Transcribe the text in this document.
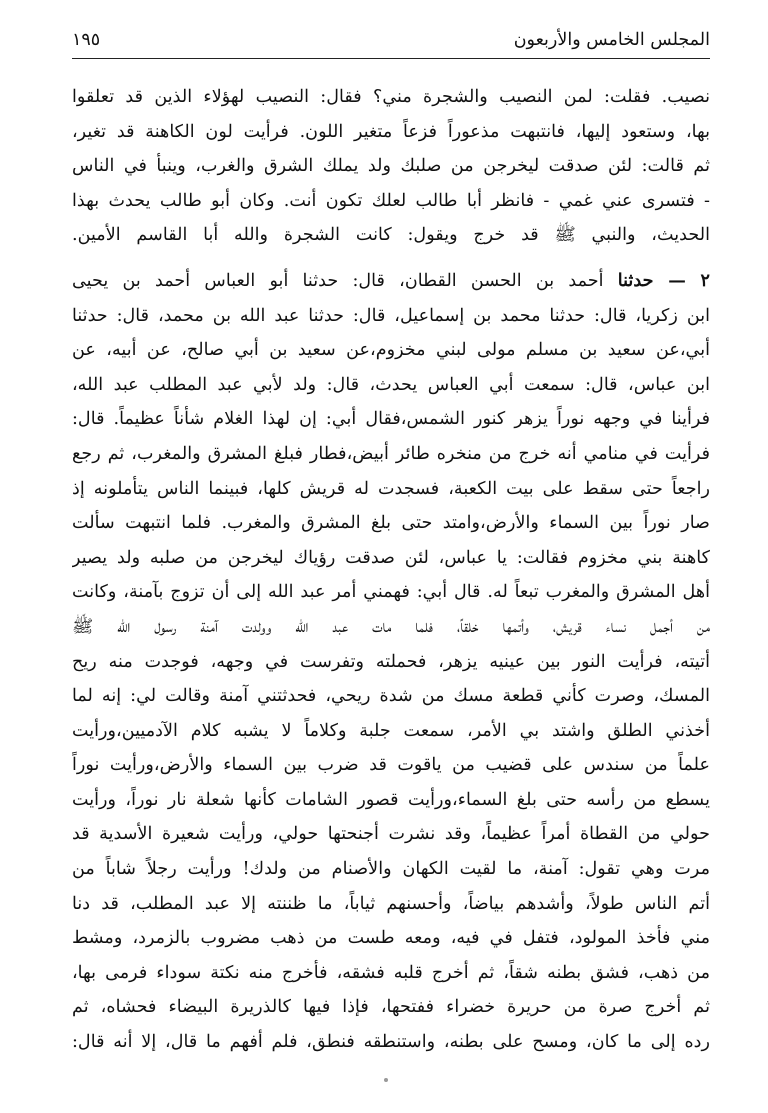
المجلس الخامس والأربعون
١٩٥
نصيب. فقلت: لمن النصيب والشجرة مني؟ فقال: النصيب لهؤلاء الذين قد تعلقوا
بها، وستعود إليها، فانتبهت مذعوراً فزعاً متغير اللون. فرأيت لون الكاهنة قد تغير،
ثم قالت: لئن صدقت ليخرجن من صلبك ولد يملك الشرق والغرب، وينبأ في الناس
- فتسرى عني غمي - فانظر أبا طالب لعلك تكون أنت. وكان أبو طالب يحدث بهذا
الحديث، والنبي ﷺ قد خرج ويقول: كانت الشجرة والله أبا القاسم الأمين.
٢ — حدثنا أحمد بن الحسن القطان، قال: حدثنا أبو العباس أحمد بن يحيى
ابن زكريا، قال: حدثنا محمد بن إسماعيل، قال: حدثنا عبد الله بن محمد، قال: حدثنا
أبي،عن سعيد بن مسلم مولى لبني مخزوم،عن سعيد بن أبي صالح، عن أبيه، عن
ابن عباس، قال: سمعت أبي العباس يحدث، قال: ولد لأبي عبد المطلب عبد الله،
فرأينا في وجهه نوراً يزهر كنور الشمس،فقال أبي: إن لهذا الغلام شأناً عظيماً. قال:
فرأيت في منامي أنه خرج من منخره طائر أبيض،فطار فبلغ المشرق والمغرب، ثم رجع
راجعاً حتى سقط على بيت الكعبة، فسجدت له قريش كلها، فبينما الناس يتأملونه إذ
صار نوراً بين السماء والأرض،وامتد حتى بلغ المشرق والمغرب. فلما انتبهت سألت
كاهنة بني مخزوم فقالت: يا عباس، لئن صدقت رؤياك ليخرجن من صلبه ولد يصير
أهل المشرق والمغرب تبعاً له. قال أبي: فهمني أمر عبد الله إلى أن تزوج بآمنة، وكانت
من أجمل نساء قريش، وأتمها خلقاً، فلما مات عبد الله وولدت آمنة رسول الله ﷺ
أتيته، فرأيت النور بين عينيه يزهر، فحملته وتفرست في وجهه، فوجدت منه ريح
المسك، وصرت كأني قطعة مسك من شدة ريحي، فحدثتني آمنة وقالت لي: إنه لما
أخذني الطلق واشتد بي الأمر، سمعت جلبة وكلاماً لا يشبه كلام الآدميين،ورأيت
علماً من سندس على قضيب من ياقوت قد ضرب بين السماء والأرض،ورأيت نوراً
يسطع من رأسه حتى بلغ السماء،ورأيت قصور الشامات كأنها شعلة نار نوراً، ورأيت
حولي من القطاة أمراً عظيماً، وقد نشرت أجنحتها حولي، ورأيت شعيرة الأسدية قد
مرت وهي تقول: آمنة، ما لقيت الكهان والأصنام من ولدك! ورأيت رجلاً شاباً من
أتم الناس طولاً، وأشدهم بياضاً، وأحسنهم ثياباً، ما ظننته إلا عبد المطلب، قد دنا
مني فأخذ المولود، فتفل في فيه، ومعه طست من ذهب مضروب بالزمرد، ومشط
من ذهب، فشق بطنه شقاً، ثم أخرج قلبه فشقه، فأخرج منه نكتة سوداء فرمى بها،
ثم أخرج صرة من حريرة خضراء ففتحها، فإذا فيها كالذريرة البيضاء فحشاه، ثم
رده إلى ما كان، ومسح على بطنه، واستنطقه فنطق، فلم أفهم ما قال، إلا أنه قال:
